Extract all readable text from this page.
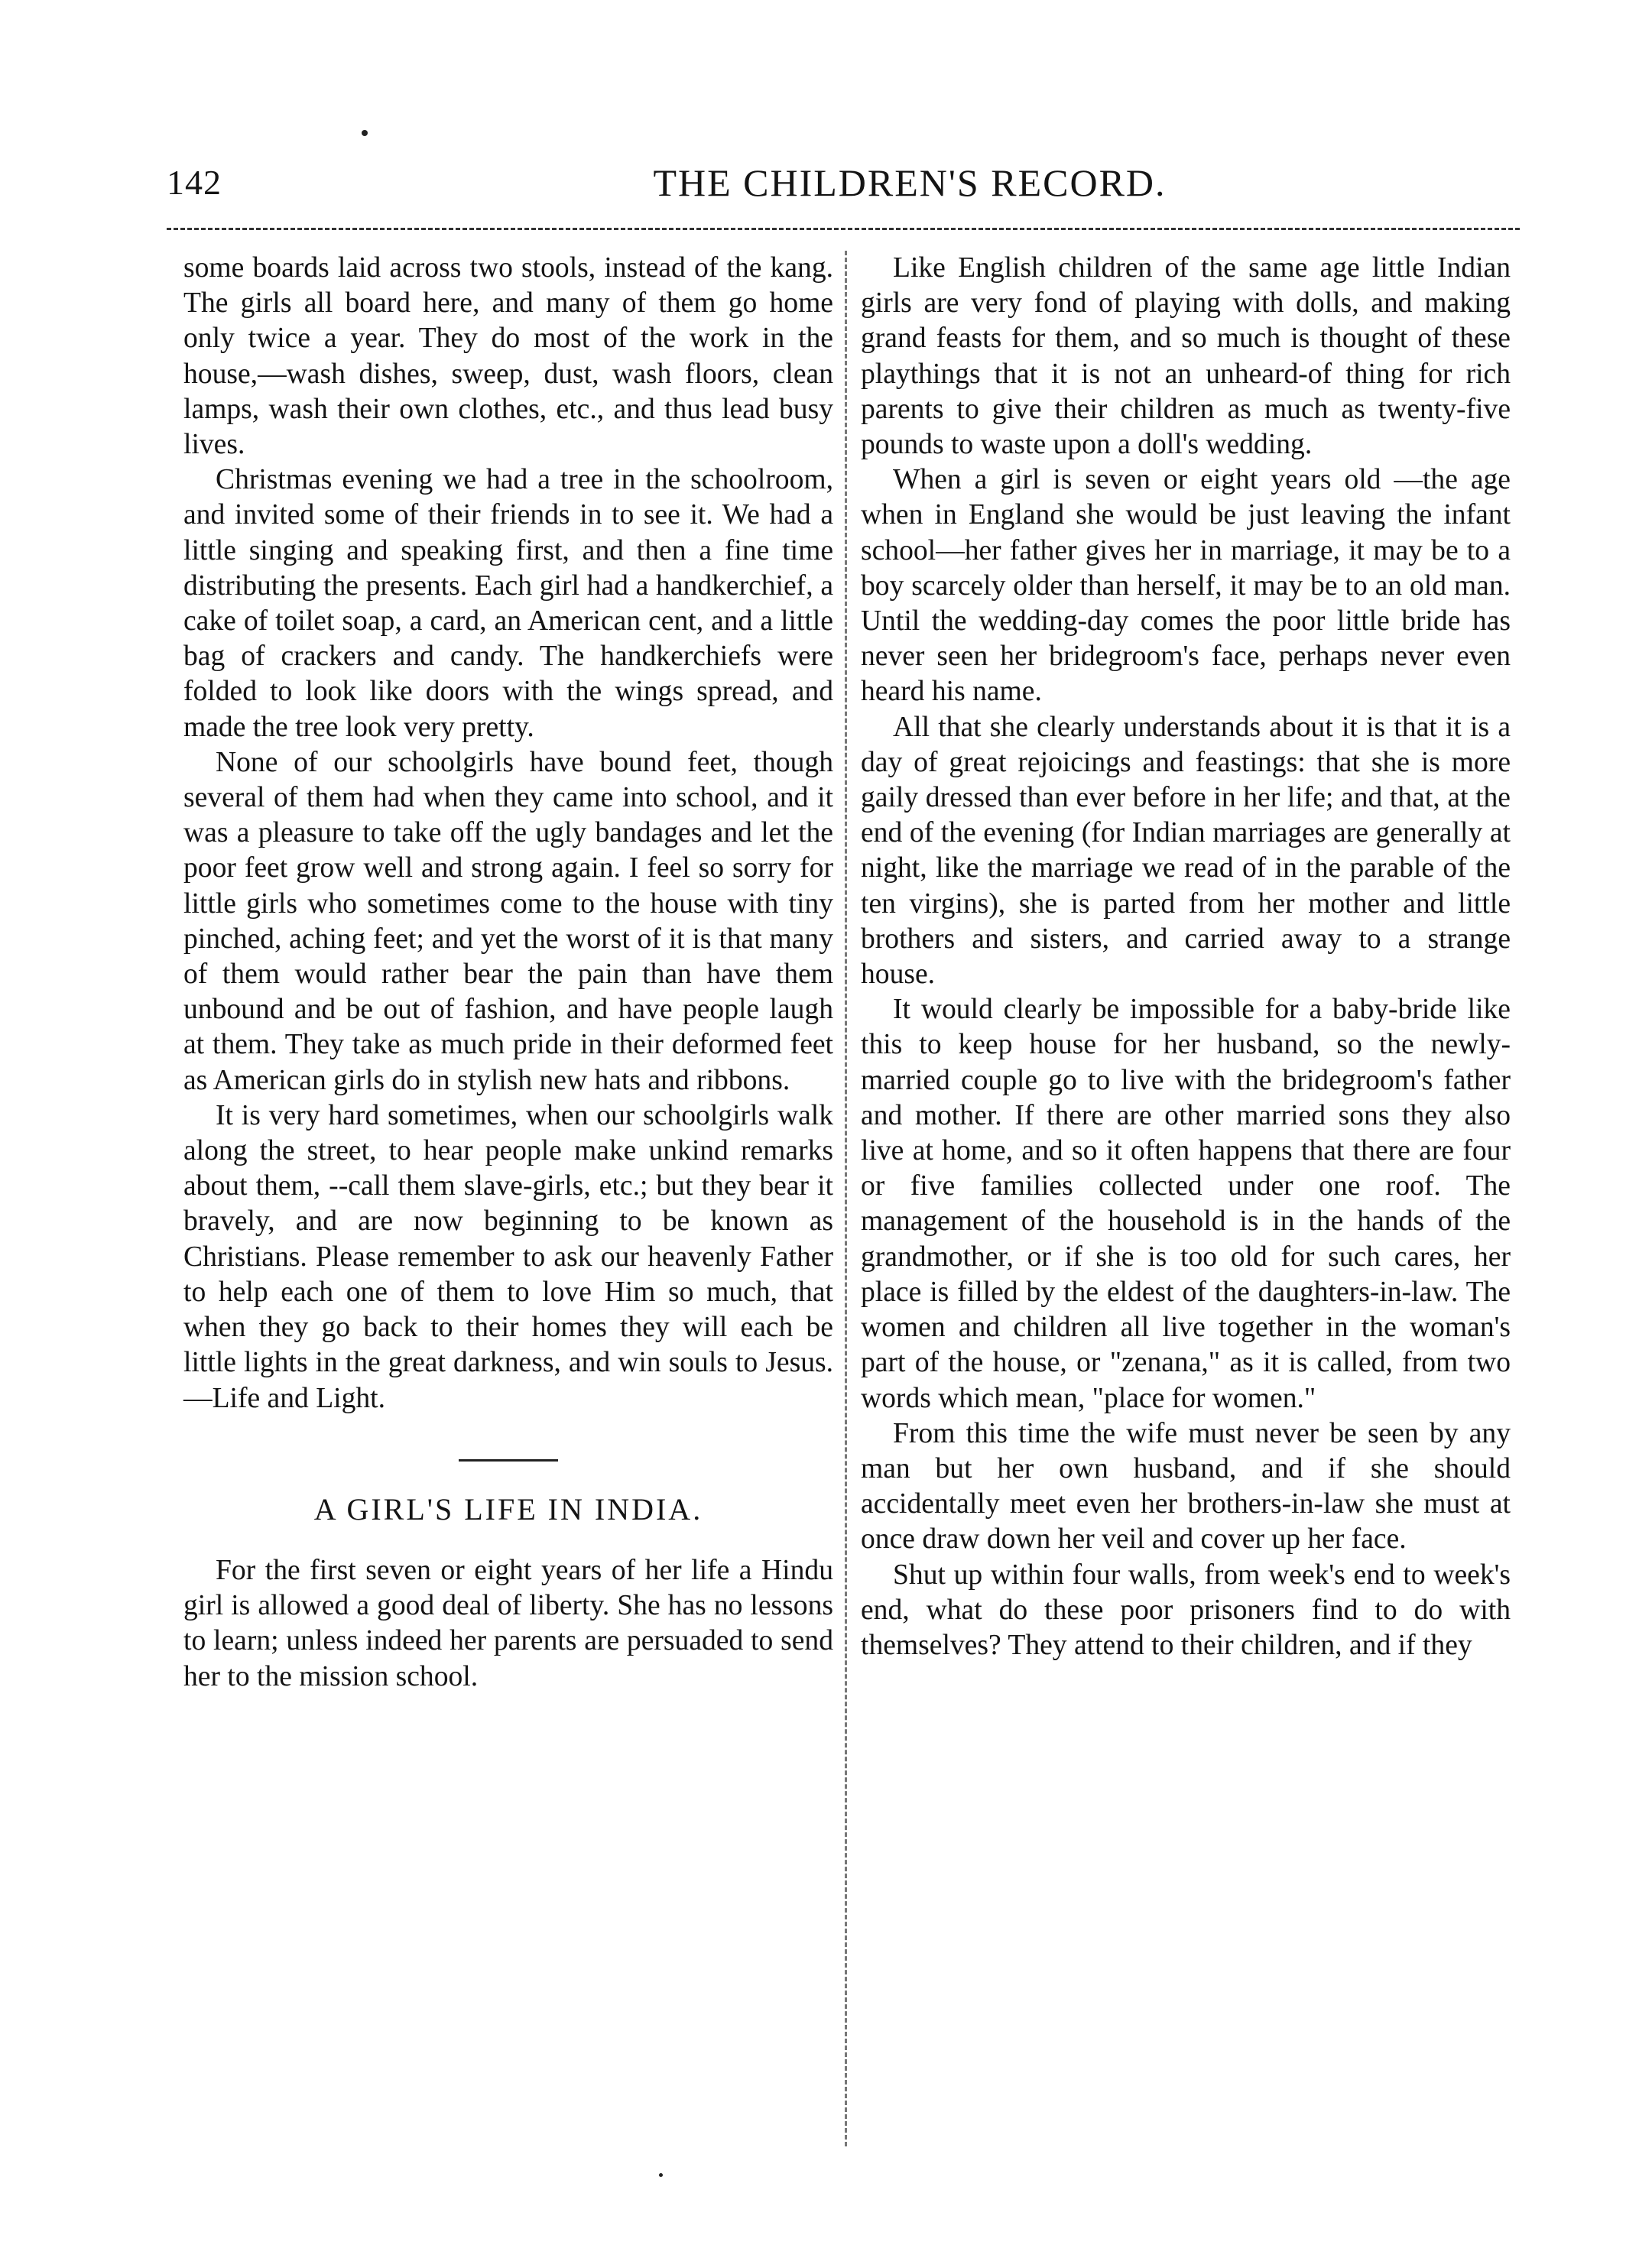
142	THE CHILDREN'S RECORD.

some boards laid across two stools, instead of the kang. The girls all board here, and many of them go home only twice a year. They do most of the work in the house,—wash dishes, sweep, dust, wash floors, clean lamps, wash their own clothes, etc., and thus lead busy lives.

Christmas evening we had a tree in the schoolroom, and invited some of their friends in to see it. We had a little singing and speaking first, and then a fine time distributing the presents. Each girl had a handkerchief, a cake of toilet soap, a card, an American cent, and a little bag of crackers and candy. The handkerchiefs were folded to look like doors with the wings spread, and made the tree look very pretty.

None of our schoolgirls have bound feet, though several of them had when they came into school, and it was a pleasure to take off the ugly bandages and let the poor feet grow well and strong again. I feel so sorry for little girls who sometimes come to the house with tiny pinched, aching feet; and yet the worst of it is that many of them would rather bear the pain than have them unbound and be out of fashion, and have people laugh at them. They take as much pride in their deformed feet as American girls do in stylish new hats and ribbons.

It is very hard sometimes, when our schoolgirls walk along the street, to hear people make unkind remarks about them, --call them slave-girls, etc.; but they bear it bravely, and are now beginning to be known as Christians. Please remember to ask our heavenly Father to help each one of them to love Him so much, that when they go back to their homes they will each be little lights in the great darkness, and win souls to Jesus.—Life and Light.

A GIRL'S LIFE IN INDIA.

For the first seven or eight years of her life a Hindu girl is allowed a good deal of liberty. She has no lessons to learn; unless indeed her parents are persuaded to send her to the mission school.

Like English children of the same age little Indian girls are very fond of playing with dolls, and making grand feasts for them, and so much is thought of these playthings that it is not an unheard-of thing for rich parents to give their children as much as twenty-five pounds to waste upon a doll's wedding.

When a girl is seven or eight years old —the age when in England she would be just leaving the infant school—her father gives her in marriage, it may be to a boy scarcely older than herself, it may be to an old man. Until the wedding-day comes the poor little bride has never seen her bridegroom's face, perhaps never even heard his name.

All that she clearly understands about it is that it is a day of great rejoicings and feastings: that she is more gaily dressed than ever before in her life; and that, at the end of the evening (for Indian marriages are generally at night, like the marriage we read of in the parable of the ten virgins), she is parted from her mother and little brothers and sisters, and carried away to a strange house.

It would clearly be impossible for a baby-bride like this to keep house for her husband, so the newly-married couple go to live with the bridegroom's father and mother. If there are other married sons they also live at home, and so it often happens that there are four or five families collected under one roof. The management of the household is in the hands of the grandmother, or if she is too old for such cares, her place is filled by the eldest of the daughters-in-law. The women and children all live together in the woman's part of the house, or "zenana," as it is called, from two words which mean, "place for women."

From this time the wife must never be seen by any man but her own husband, and if she should accidentally meet even her brothers-in-law she must at once draw down her veil and cover up her face.

Shut up within four walls, from week's end to week's end, what do these poor prisoners find to do with themselves? They attend to their children, and if they
